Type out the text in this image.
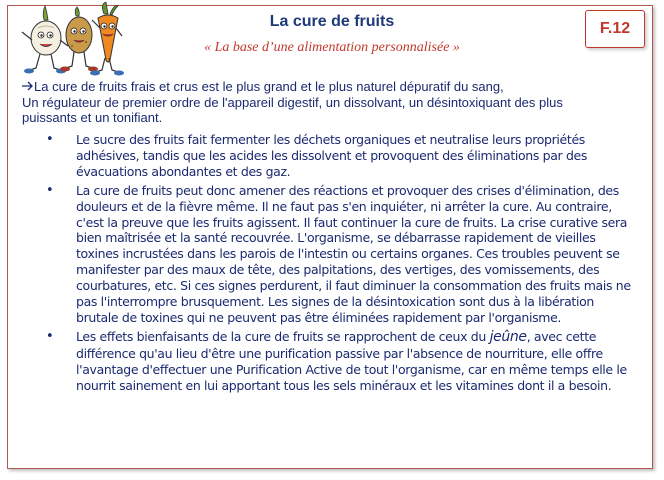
La cure de fruits
« La base d’une alimentation personnalisée »
F.12
La cure de fruits frais et crus est le plus grand et le plus naturel dépuratif du sang,
Un régulateur de premier ordre de l'appareil digestif, un dissolvant, un désintoxiquant des plus
puissants et un tonifiant.
• Le sucre des fruits fait fermenter les déchets organiques et neutralise leurs propriétés adhésives, tandis que les acides les dissolvent et provoquent des éliminations par des évacuations abondantes et des gaz.
• La cure de fruits peut donc amener des réactions et provoquer des crises d'élimination, des douleurs et de la fièvre même. Il ne faut pas s'en inquiéter, ni arrêter la cure. Au contraire, c'est la preuve que les fruits agissent. Il faut continuer la cure de fruits. La crise curative sera bien maîtrisée et la santé recouvrée. L'organisme, se débarrasse rapidement de vieilles toxines incrustées dans les parois de l'intestin ou certains organes. Ces troubles peuvent se manifester par des maux de tête, des palpitations, des vertiges, des vomissements, des courbatures, etc. Si ces signes perdurent, il faut diminuer la consommation des fruits mais ne pas l'interrompre brusquement. Les signes de la désintoxication sont dus à la libération brutale de toxines qui ne peuvent pas être éliminées rapidement par l'organisme.
• Les effets bienfaisants de la cure de fruits se rapprochent de ceux du jeûne, avec cette différence qu'au lieu d'être une purification passive par l'absence de nourriture, elle offre l'avantage d'effectuer une Purification Active de tout l'organisme, car en même temps elle le nourrit sainement en lui apportant tous les sels minéraux et les vitamines dont il a besoin.
